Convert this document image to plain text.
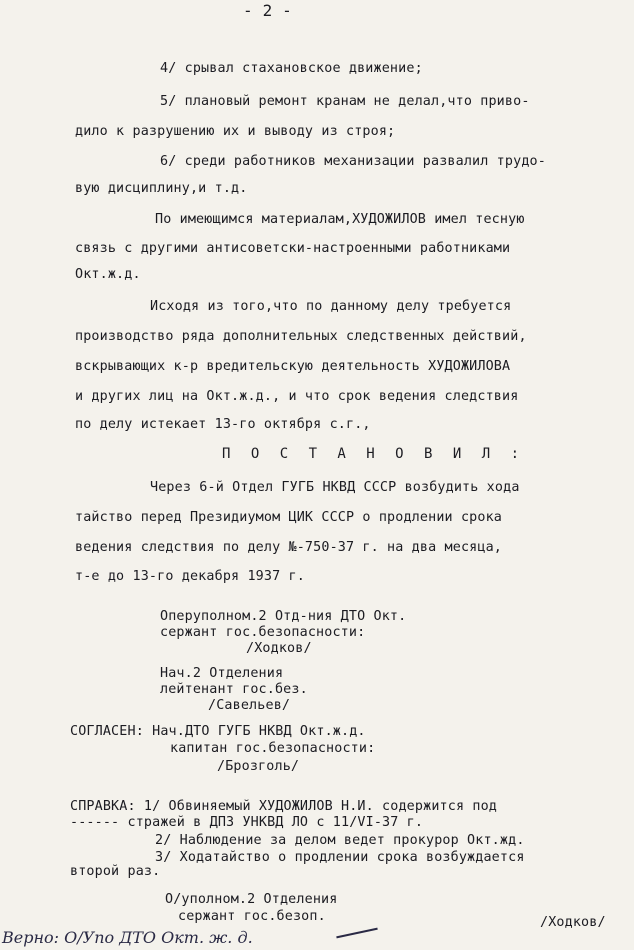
- 2 -
4/ срывал стахановское движение;
5/ плановый ремонт кранам не делал,что приво-
дило к разрушению их и выводу из строя;
6/ среди работников механизации развалил трудо-
вую дисциплину,и т.д.
По имеющимся материалам,ХУДОЖИЛОВ имел тесную
связь с другими антисоветски-настроенными работниками
Окт.ж.д.
Исходя из того,что по данному делу требуется
производство ряда дополнительных следственных действий,
вскрывающих к-р вредительскую деятельность ХУДОЖИЛОВА
и других лиц на Окт.ж.д., и что срок ведения следствия
по делу истекает 13-го октября с.г.,
П О С Т А Н О В И Л :
Через 6-й Отдел ГУГБ НКВД СССР возбудить хода
тайство перед Президиумом ЦИК СССР о продлении срока
ведения следствия по делу №-750-37 г. на два месяца,
т-е до 13-го декабря 1937 г.
Оперуполном.2 Отд-ния ДТО Окт.
сержант гос.безопасности:
/Ходков/
Нач.2 Отделения
лейтенант гос.без.
/Савельев/
СОГЛАСЕН: Нач.ДТО ГУГБ НКВД Окт.ж.д.
капитан гос.безопасности:
/Брозголь/
СПРАВКА: 1/ Обвиняемый ХУДОЖИЛОВ Н.И. содержится под
------ стражей в ДПЗ УНКВД ЛО с 11/VI-37 г.
2/ Наблюдение за делом ведет прокурор Окт.жд.
3/ Ходатайство о продлении срока возбуждается
второй раз.
О/уполном.2 Отделения
сержант гос.безоп.	/Ходков/
Верно: О/Упо ДТО Окт. ж. д.
